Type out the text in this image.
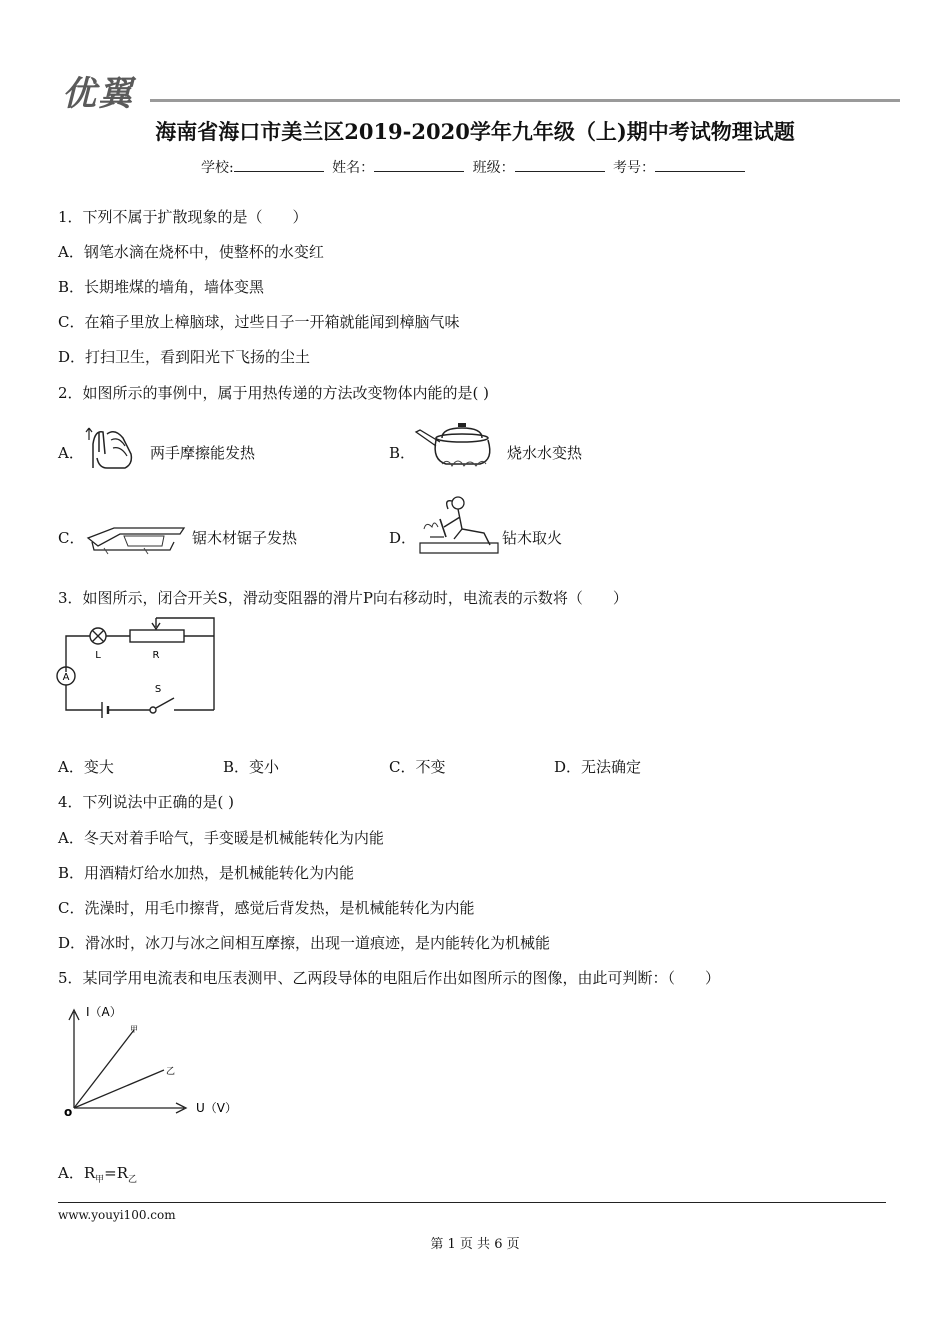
优翼
海南省海口市美兰区2019-2020学年九年级（上)期中考试物理试题
学校:	姓名：	班级：	考号：
1．下列不属于扩散现象的是（　　）
A．钢笔水滴在烧杯中，使整杯的水变红
B．长期堆煤的墙角，墙体变黑
C．在箱子里放上樟脑球，过些日子一开箱就能闻到樟脑气味
D．打扫卫生，看到阳光下飞扬的尘土
2．如图所示的事例中，属于用热传递的方法改变物体内能的是( )
A．	两手摩擦能发热	B．	烧水水变热
C．	锯木材锯子发热	D．	钻木取火
3．如图所示，闭合开关S，滑动变阻器的滑片P向右移动时，电流表的示数将（　　）
A
L	R
S
A．变大	B．变小	C．不变	D．无法确定
4．下列说法中正确的是( )
A．冬天对着手哈气，手变暖是机械能转化为内能
B．用酒精灯给水加热，是机械能转化为内能
C．洗澡时，用毛巾擦背，感觉后背发热，是机械能转化为内能
D．滑冰时，冰刀与冰之间相互摩擦，出现一道痕迹，是内能转化为机械能
5．某同学用电流表和电压表测甲、乙两段导体的电阻后作出如图所示的图像，由此可判断：（　　）
I（A）
U（V）
o
甲
乙
A．$R_甲=R_乙$
www.youyi100.com
第 1 页 共 6 页
